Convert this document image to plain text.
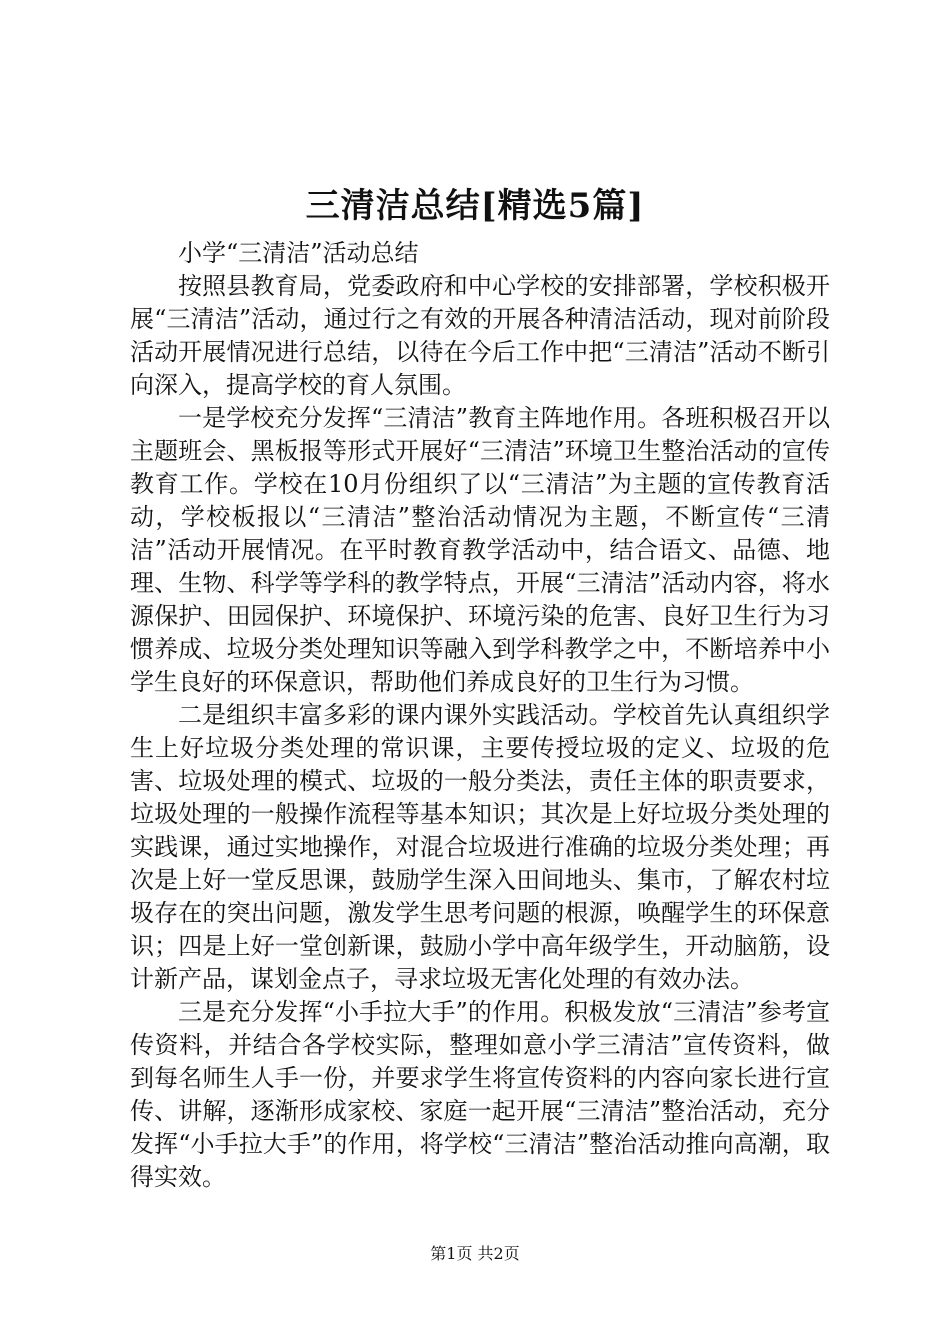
三清洁总结[精选5篇]

小学“三清洁”活动总结

按照县教育局，党委政府和中心学校的安排部署，学校积极开展“三清洁”活动，通过行之有效的开展各种清洁活动，现对前阶段活动开展情况进行总结，以待在今后工作中把“三清洁”活动不断引向深入，提高学校的育人氛围。

一是学校充分发挥“三清洁”教育主阵地作用。各班积极召开以主题班会、黑板报等形式开展好“三清洁”环境卫生整治活动的宣传教育工作。学校在10月份组织了以“三清洁”为主题的宣传教育活动，学校板报以“三清洁”整治活动情况为主题，不断宣传“三清洁”活动开展情况。在平时教育教学活动中，结合语文、品德、地理、生物、科学等学科的教学特点，开展“三清洁”活动内容，将水源保护、田园保护、环境保护、环境污染的危害、良好卫生行为习惯养成、垃圾分类处理知识等融入到学科教学之中，不断培养中小学生良好的环保意识，帮助他们养成良好的卫生行为习惯。

二是组织丰富多彩的课内课外实践活动。学校首先认真组织学生上好垃圾分类处理的常识课，主要传授垃圾的定义、垃圾的危害、垃圾处理的模式、垃圾的一般分类法，责任主体的职责要求，垃圾处理的一般操作流程等基本知识；其次是上好垃圾分类处理的实践课，通过实地操作，对混合垃圾进行准确的垃圾分类处理；再次是上好一堂反思课，鼓励学生深入田间地头、集市，了解农村垃圾存在的突出问题，激发学生思考问题的根源，唤醒学生的环保意识；四是上好一堂创新课，鼓励小学中高年级学生，开动脑筋，设计新产品，谋划金点子，寻求垃圾无害化处理的有效办法。

三是充分发挥“小手拉大手”的作用。积极发放“三清洁”参考宣传资料，并结合各学校实际，整理如意小学三清洁”宣传资料，做到每名师生人手一份，并要求学生将宣传资料的内容向家长进行宣传、讲解，逐渐形成家校、家庭一起开展“三清洁”整治活动，充分发挥“小手拉大手”的作用，将学校“三清洁”整治活动推向高潮，取得实效。

第1页 共2页
